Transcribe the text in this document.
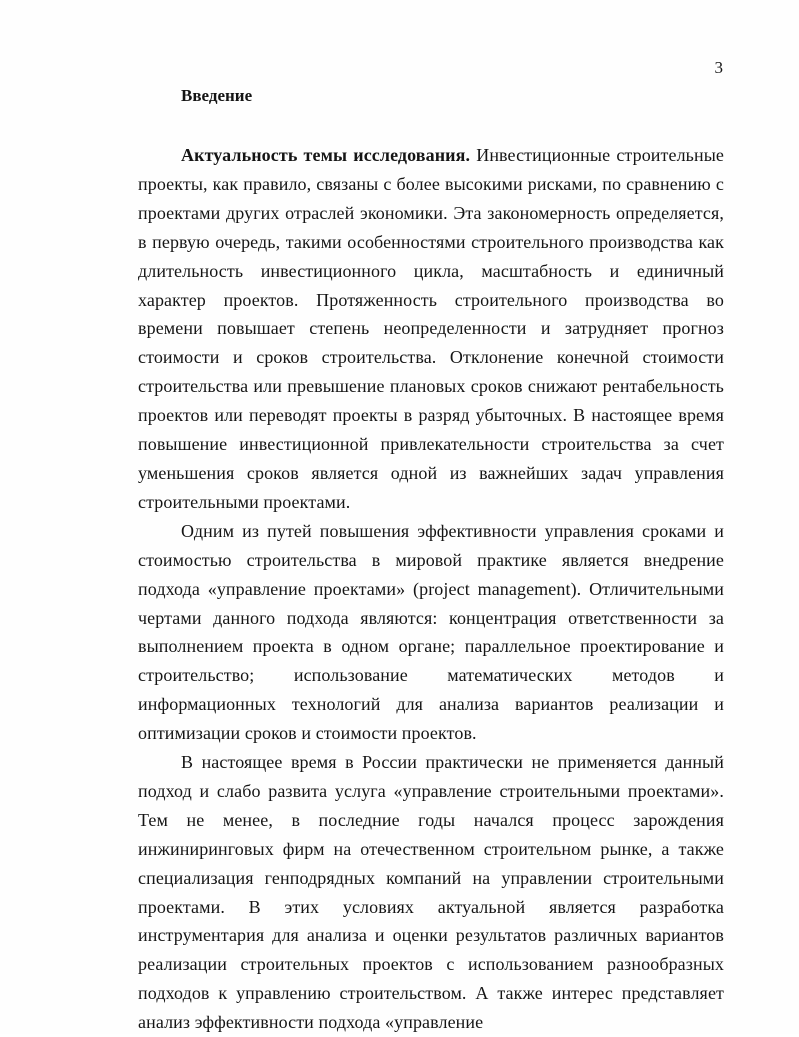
3
Введение

Актуальность темы исследования. Инвестиционные строительные проекты, как правило, связаны с более высокими рисками, по сравнению с проектами других отраслей экономики. Эта закономерность определяется, в первую очередь, такими особенностями строительного производства как длительность инвестиционного цикла, масштабность и единичный характер проектов. Протяженность строительного производства во времени повышает степень неопределенности и затрудняет прогноз стоимости и сроков строительства. Отклонение конечной стоимости строительства или превышение плановых сроков снижают рентабельность проектов или переводят проекты в разряд убыточных. В настоящее время повышение инвестиционной привлекательности строительства за счет уменьшения сроков является одной из важнейших задач управления строительными проектами.

Одним из путей повышения эффективности управления сроками и стоимостью строительства в мировой практике является внедрение подхода «управление проектами» (project management). Отличительными чертами данного подхода являются: концентрация ответственности за выполнением проекта в одном органе; параллельное проектирование и строительство; использование математических методов и информационных технологий для анализа вариантов реализации и оптимизации сроков и стоимости проектов.

В настоящее время в России практически не применяется данный подход и слабо развита услуга «управление строительными проектами». Тем не менее, в последние годы начался процесс зарождения инжиниринговых фирм на отечественном строительном рынке, а также специализация генподрядных компаний на управлении строительными проектами. В этих условиях актуальной является разработка инструментария для анализа и оценки результатов различных вариантов реализации строительных проектов с использованием разнообразных подходов к управлению строительством. А также интерес представляет анализ эффективности подхода «управление
